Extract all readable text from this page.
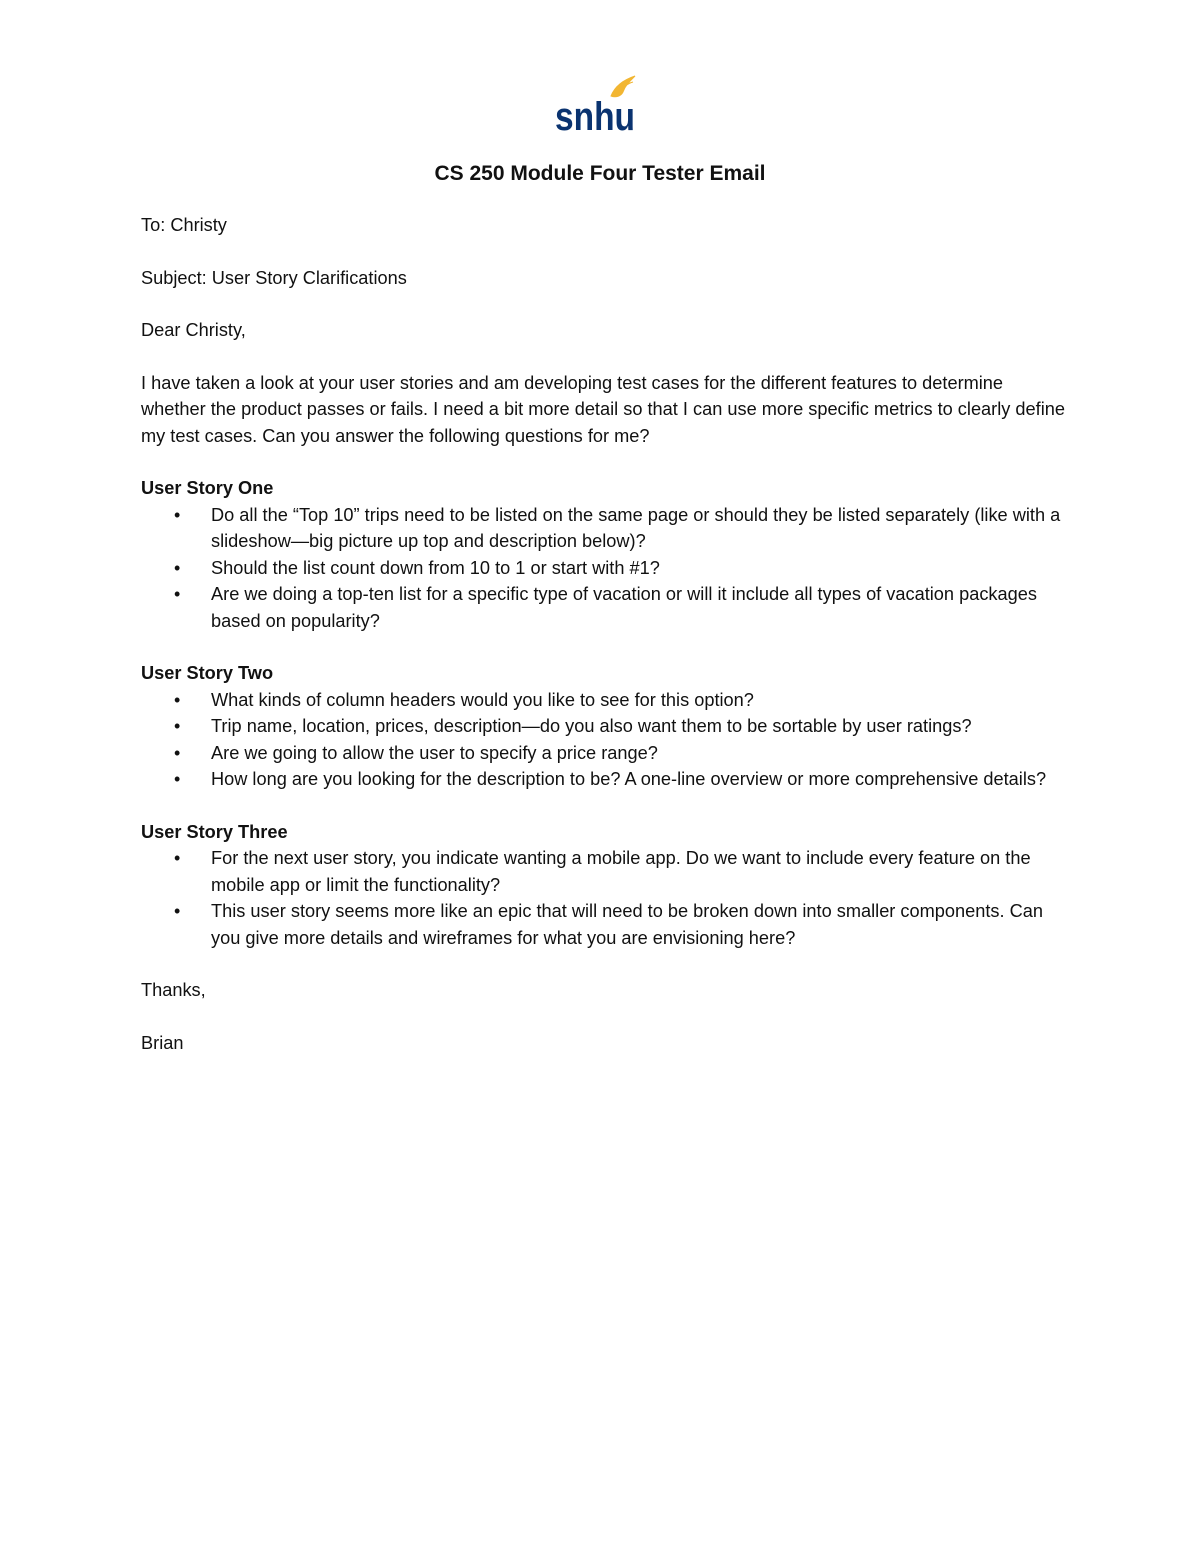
snhu
CS 250 Module Four Tester Email

To: Christy

Subject: User Story Clarifications

Dear Christy,

I have taken a look at your user stories and am developing test cases for the different features to determine whether the product passes or fails. I need a bit more detail so that I can use more specific metrics to clearly define my test cases. Can you answer the following questions for me?

User Story One
• Do all the “Top 10” trips need to be listed on the same page or should they be listed separately (like with a slideshow—big picture up top and description below)?
• Should the list count down from 10 to 1 or start with #1?
• Are we doing a top-ten list for a specific type of vacation or will it include all types of vacation packages based on popularity?
User Story Two
• What kinds of column headers would you like to see for this option?
• Trip name, location, prices, description—do you also want them to be sortable by user ratings?
• Are we going to allow the user to specify a price range?
• How long are you looking for the description to be? A one-line overview or more comprehensive details?
User Story Three
• For the next user story, you indicate wanting a mobile app. Do we want to include every feature on the mobile app or limit the functionality?
• This user story seems more like an epic that will need to be broken down into smaller components. Can you give more details and wireframes for what you are envisioning here?

Thanks,

Brian
